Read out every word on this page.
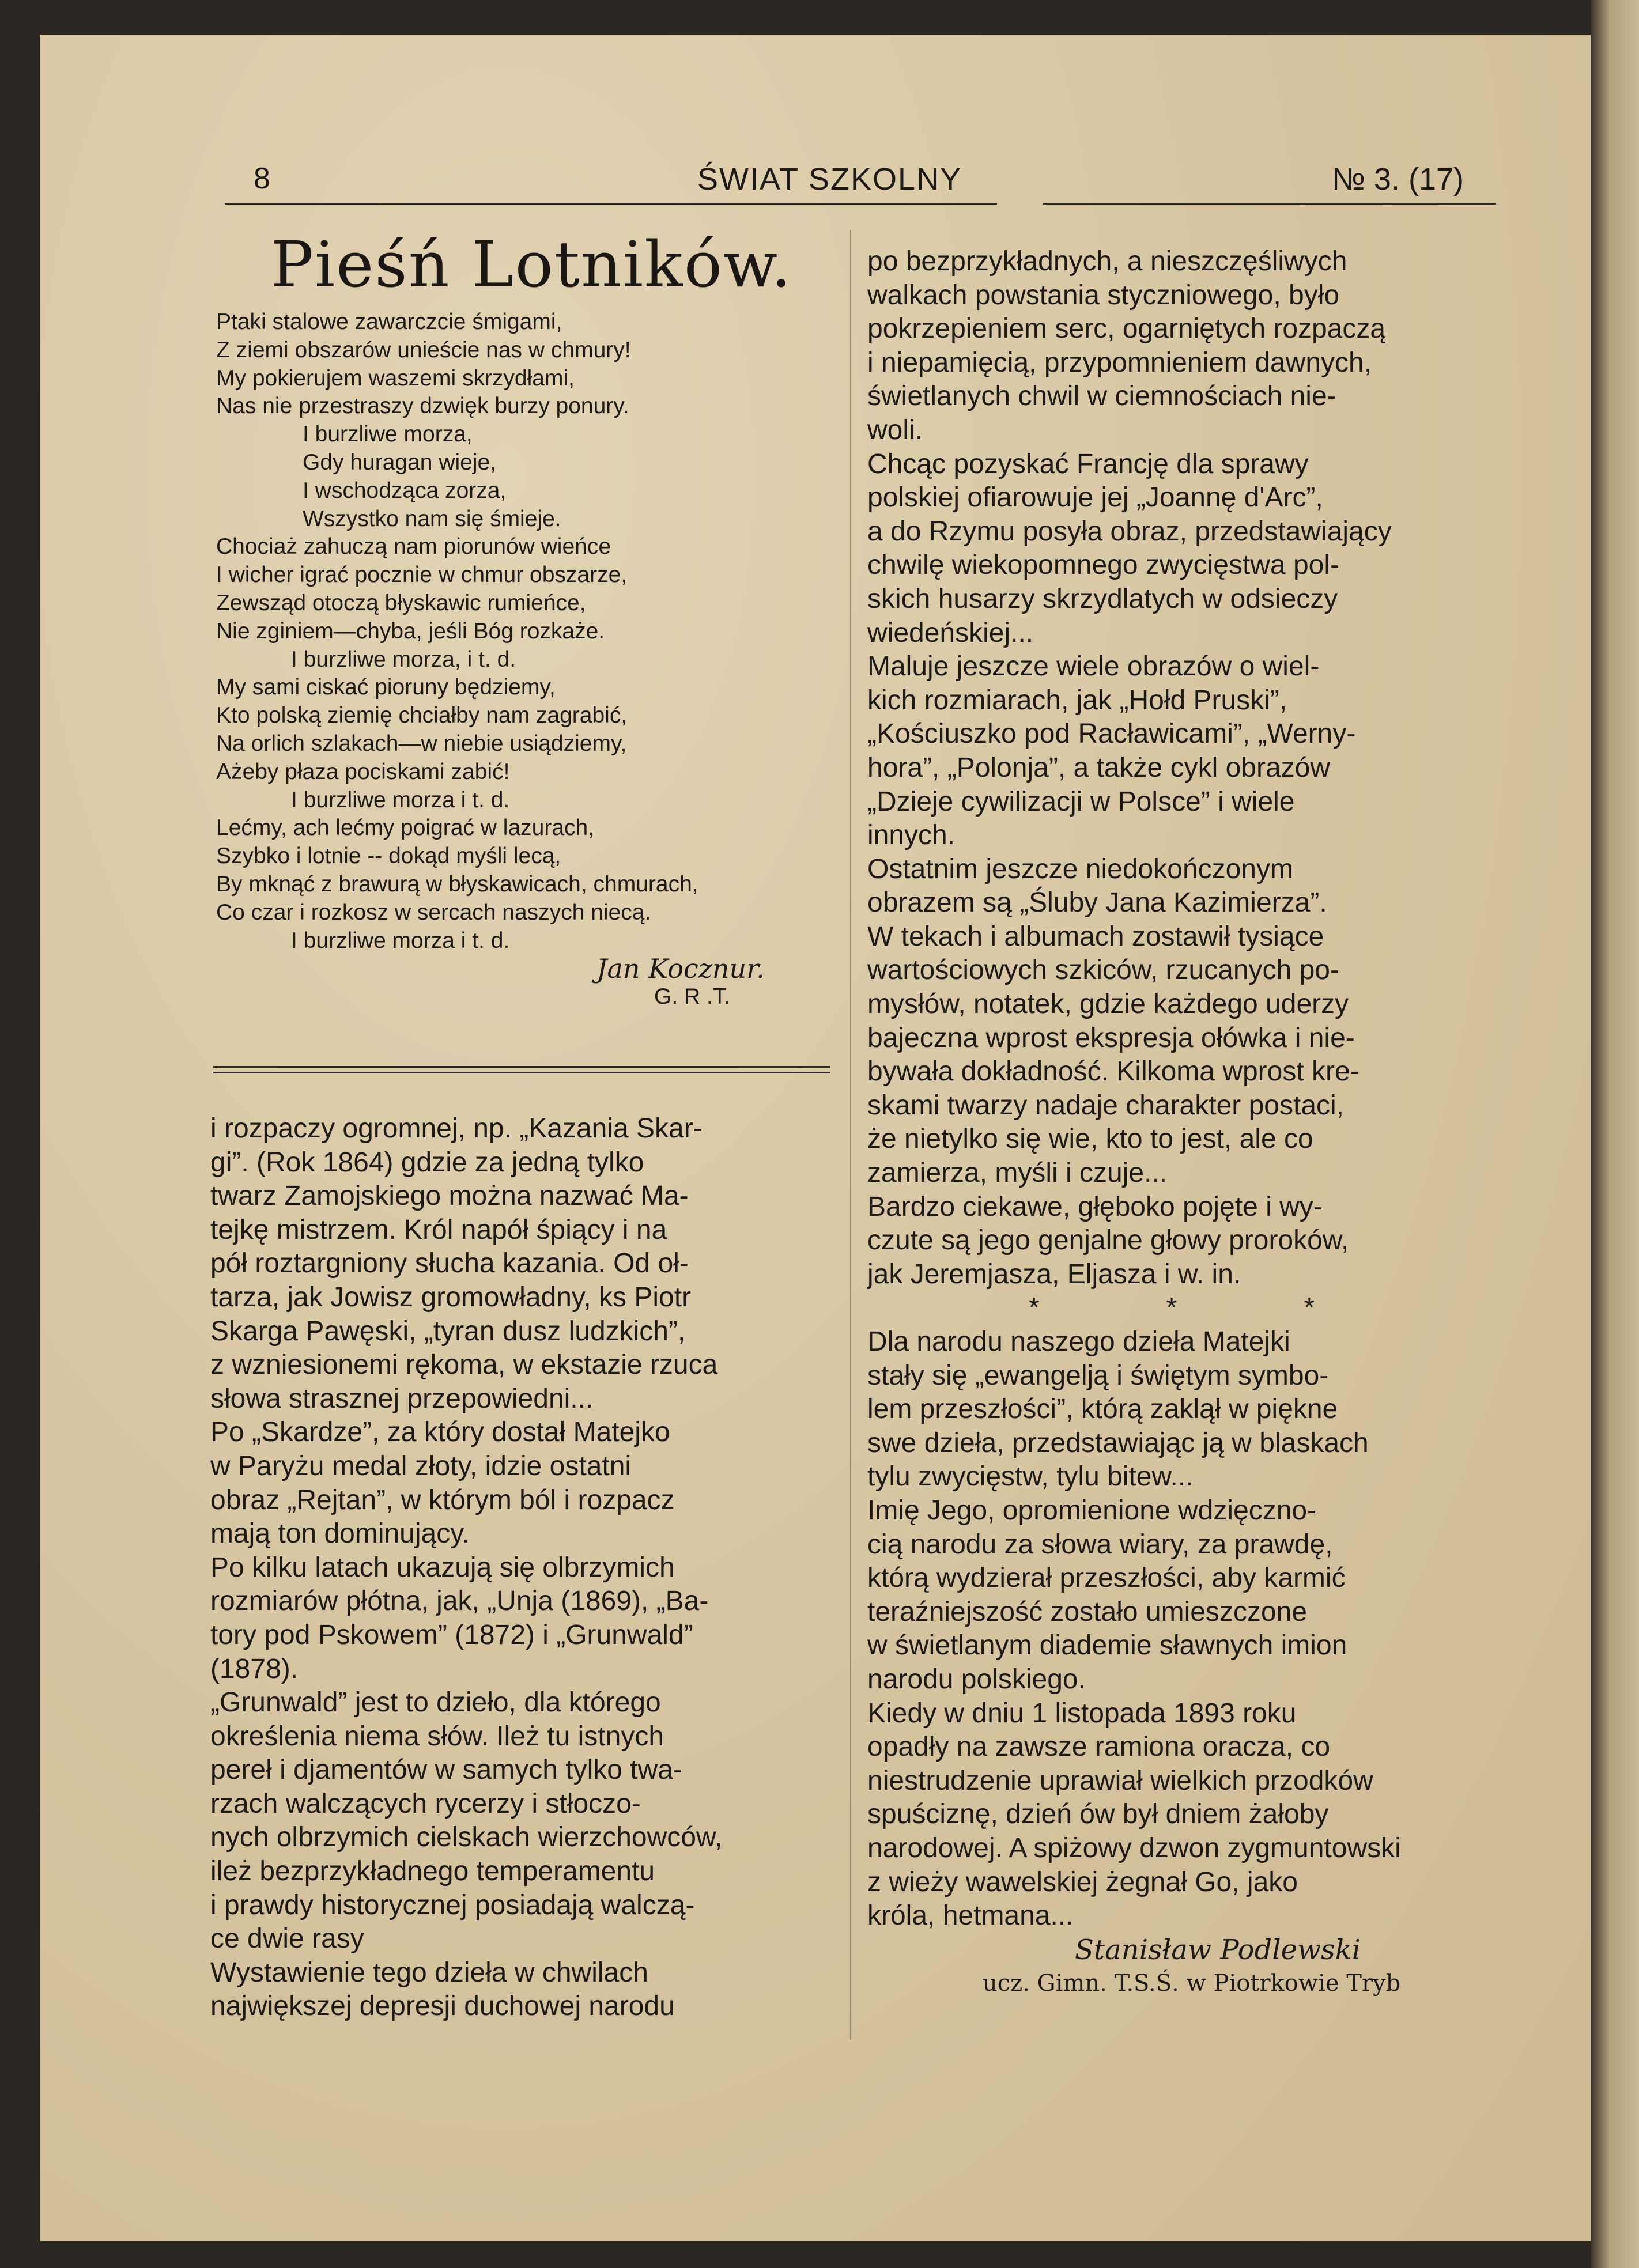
8	ŚWIAT SZKOLNY	№ 3. (17)
Pieśń Lotników.
Ptaki stalowe zawarczcie śmigami,
Z ziemi obszarów unieście nas w chmury!
My pokierujem waszemi skrzydłami,
Nas nie przestraszy dzwięk burzy ponury.
I burzliwe morza,
Gdy huragan wieje,
I wschodząca zorza,
Wszystko nam się śmieje.
Chociaż zahuczą nam piorunów wieńce
I wicher igrać pocznie w chmur obszarze,
Zewsząd otoczą błyskawic rumieńce,
Nie zginiem—chyba, jeśli Bóg rozkaże.
I burzliwe morza, i t. d.
My sami ciskać pioruny będziemy,
Kto polską ziemię chciałby nam zagrabić,
Na orlich szlakach—w niebie usiądziemy,
Ażeby płaza pociskami zabić!
I burzliwe morza i t. d.
Lećmy, ach lećmy poigrać w lazurach,
Szybko i lotnie -- dokąd myśli lecą,
By mknąć z brawurą w błyskawicach, chmurach,
Co czar i rozkosz w sercach naszych niecą.
I burzliwe morza i t. d.
Jan Kocznur.
G. R .T.
i rozpaczy ogromnej, np. „Kazania Skar-
gi”. (Rok 1864) gdzie za jedną tylko
twarz Zamojskiego można nazwać Ma-
tejkę mistrzem. Król napół śpiący i na
pół roztargniony słucha kazania. Od oł-
tarza, jak Jowisz gromowładny, ks Piotr
Skarga Pawęski, „tyran dusz ludzkich”,
z wzniesionemi rękoma, w ekstazie rzuca
słowa strasznej przepowiedni...
Po „Skardze”, za który dostał Matejko
w Paryżu medal złoty, idzie ostatni
obraz „Rejtan”, w którym ból i rozpacz
mają ton dominujący.
Po kilku latach ukazują się olbrzymich
rozmiarów płótna, jak, „Unja (1869), „Ba-
tory pod Pskowem” (1872) i „Grunwald”
(1878).
„Grunwald” jest to dzieło, dla którego
określenia niema słów. Ileż tu istnych
pereł i djamentów w samych tylko twa-
rzach walczących rycerzy i stłoczo-
nych olbrzymich cielskach wierzchowców,
ileż bezprzykładnego temperamentu
i prawdy historycznej posiadają walczą-
ce dwie rasy
Wystawienie tego dzieła w chwilach
największej depresji duchowej narodu
po bezprzykładnych, a nieszczęśliwych
walkach powstania styczniowego, było
pokrzepieniem serc, ogarniętych rozpaczą
i niepamięcią, przypomnieniem dawnych,
świetlanych chwil w ciemnościach nie-
woli.
Chcąc pozyskać Francję dla sprawy
polskiej ofiarowuje jej „Joannę d'Arc”,
a do Rzymu posyła obraz, przedstawiający
chwilę wiekopomnego zwycięstwa pol-
skich husarzy skrzydlatych w odsieczy
wiedeńskiej...
Maluje jeszcze wiele obrazów o wiel-
kich rozmiarach, jak „Hołd Pruski”,
„Kościuszko pod Racławicami”, „Werny-
hora”, „Polonja”, a także cykl obrazów
„Dzieje cywilizacji w Polsce” i wiele
innych.
Ostatnim jeszcze niedokończonym
obrazem są „Śluby Jana Kazimierza”.
W tekach i albumach zostawił tysiące
wartościowych szkiców, rzucanych po-
mysłów, notatek, gdzie każdego uderzy
bajeczna wprost ekspresja ołówka i nie-
bywała dokładność. Kilkoma wprost kre-
skami twarzy nadaje charakter postaci,
że nietylko się wie, kto to jest, ale co
zamierza, myśli i czuje...
Bardzo ciekawe, głęboko pojęte i wy-
czute są jego genjalne głowy proroków,
jak Jeremjasza, Eljasza i w. in.
***
Dla narodu naszego dzieła Matejki
stały się „ewangelją i świętym symbo-
lem przeszłości”, którą zaklął w piękne
swe dzieła, przedstawiając ją w blaskach
tylu zwycięstw, tylu bitew...
Imię Jego, opromienione wdzięczno-
cią narodu za słowa wiary, za prawdę,
którą wydzierał przeszłości, aby karmić
teraźniejszość zostało umieszczone
w świetlanym diademie sławnych imion
narodu polskiego.
Kiedy w dniu 1 listopada 1893 roku
opadły na zawsze ramiona oracza, co
niestrudzenie uprawiał wielkich przodków
spuściznę, dzień ów był dniem żałoby
narodowej. A spiżowy dzwon zygmuntowski
z wieży wawelskiej żegnał Go, jako
króla, hetmana...
Stanisław Podlewski
ucz. Gimn. T.S.Ś. w Piotrkowie Tryb
